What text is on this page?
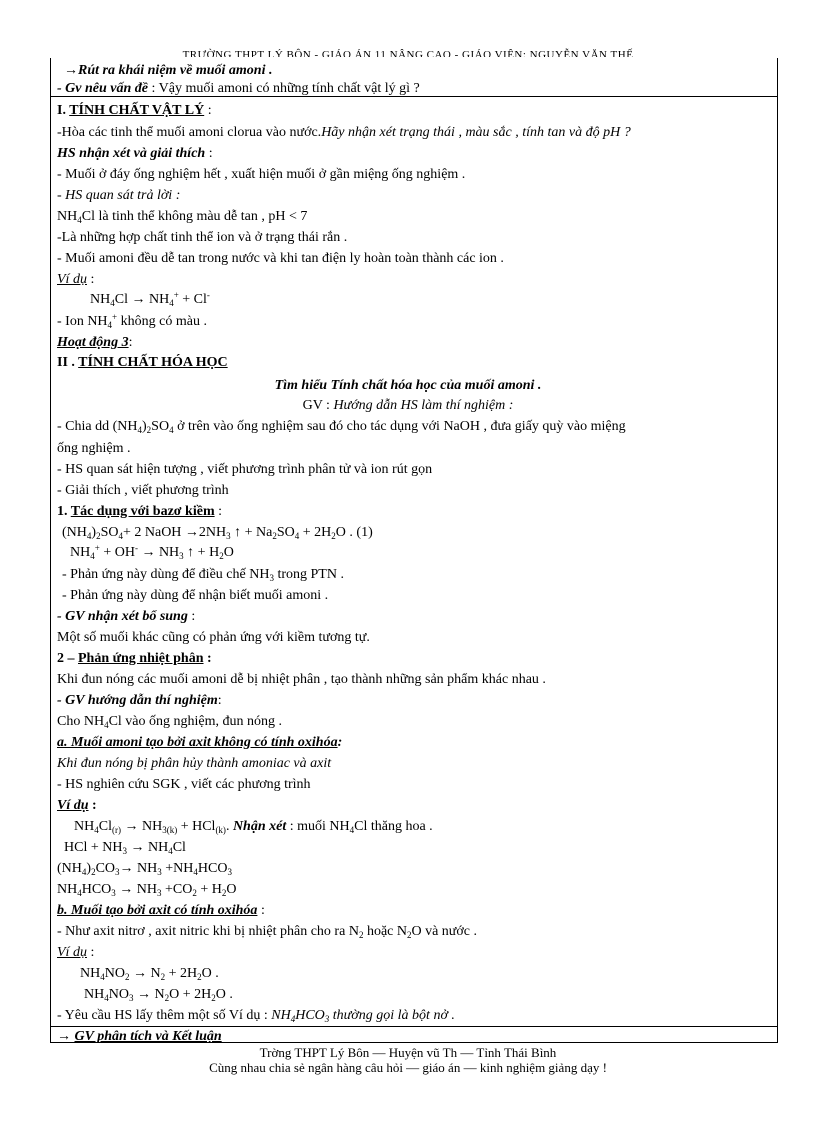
TRƯỜNG THPT LÝ BÔN - GIÁO ÁN 11 NÂNG CAO - GIÁO VIÊN: NGUYỄN VĂN THẾ
→Rút ra khái niệm về muối amoni .
- Gv nêu vấn đề : Vậy muối amoni có những tính chất vật lý gì ?
I. TÍNH CHẤT VẬT LÝ :
-Hòa các tinh thể muối amoni clorua vào nước.Hãy nhận xét trạng thái , màu sắc , tính tan và độ pH ?
HS nhận xét và giải thích :
- Muối ở đáy ống nghiệm hết , xuất hiện muối ở gần miệng ống nghiệm .
- HS quan sát trả lời :
$NH_4Cl$ là tinh thể không màu dễ tan , pH < 7
-Là những hợp chất tinh thể ion và ở trạng thái rắn .
- Muối amoni đều dễ tan trong nước và khi tan điện ly hoàn toàn thành các ion .
Ví dụ :
$NH_4Cl \to NH_4^+ + Cl^-$
- Ion $NH_4^+$ không có màu .
Hoạt động 3:
II . TÍNH CHẤT HÓA HỌC
Tìm hiểu Tính chất hóa học của muối amoni .
GV : Hướng dẫn HS làm thí nghiệm :
- Chia dd $(NH_4)_2SO_4$ ở trên vào ống nghiệm sau đó cho tác dụng với NaOH , đưa giấy quỳ vào miệng
ống nghiệm .
- HS quan sát hiện tượng , viết phương trình phân tử và ion rút gọn
- Giải thích , viết phương trình
1. Tác dụng với bazơ kiềm :
$(NH_4)_2SO_4+ 2$ NaOH $\to 2NH_3$ ↑ + $Na_2SO_4 + 2H_2O$ . (1)
$NH_4^+ + OH^- \to NH_3$ ↑ + $H_2O$
- Phản ứng này dùng để điều chế $NH_3$ trong PTN .
- Phản ứng này dùng để nhận biết muối amoni .
- GV nhận xét bổ sung :
Một số muối khác cũng có phản ứng với kiềm tương tự.
2 – Phản ứng nhiệt phân :
Khi đun nóng các muối amoni dễ bị nhiệt phân , tạo thành những sản phẩm khác nhau .
- GV hướng dẫn thí nghiệm:
Cho $NH_4Cl$ vào ống nghiệm, đun nóng .
a. Muối amoni tạo bởi axit không có tính oxihóa:
Khi đun nóng bị phân hủy thành amoniac và axit
- HS nghiên cứu SGK , viết các phương trình
Ví dụ :
$NH_4Cl_{(r)} \to NH_{3(k)} + HCl_{(k)}$. Nhận xét : muối $NH_4Cl$ thăng hoa .
HCl + $NH_3 \to NH_4Cl$
$(NH_4)_2CO_3\to NH_3 +NH_4HCO_3$
$NH_4HCO_3 \to NH_3 +CO_2 + H_2O$
b. Muối tạo bởi axit có tính oxihóa :
- Như axit nitrơ , axit nitric khi bị nhiệt phân cho ra $N_2$ hoặc $N_2O$ và nước .
Ví dụ :
$NH_4NO_2 \to N_2 + 2H_2O$ .
$NH_4NO_3 \to N_2O + 2H_2O$ .
- Yêu cầu HS lấy thêm một số Ví dụ : $NH_4HCO_3$ thường gọi là bột nở .
→ GV phân tích và Kết luận
Trờng THPT Lý Bôn — Huyện vũ Th — Tỉnh Thái Bình
Cùng nhau chia sẻ ngân hàng câu hỏi — giáo án — kinh nghiệm giảng dạy !
